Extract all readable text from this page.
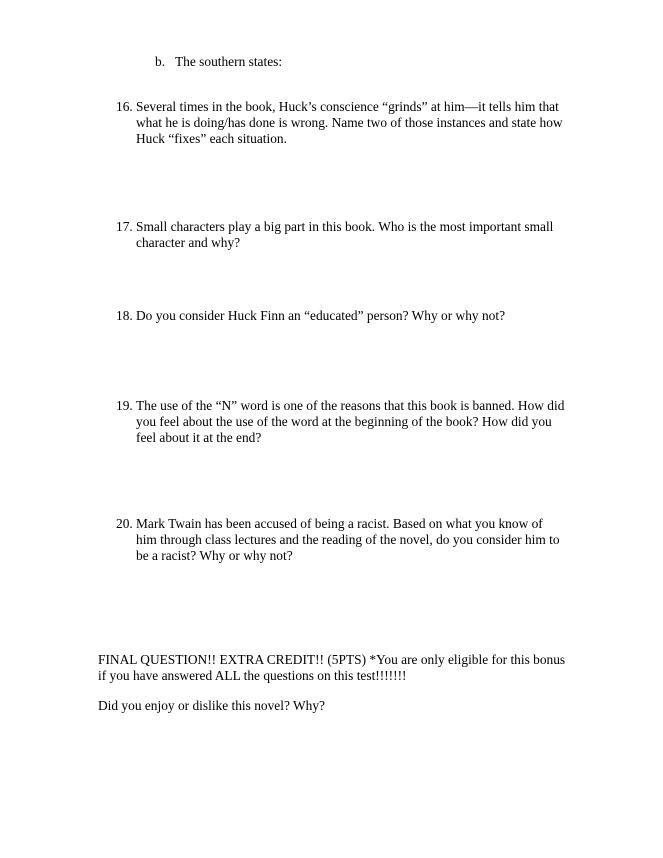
b. The southern states:
16. Several times in the book, Huck’s conscience “grinds” at him—it tells him that what he is doing/has done is wrong. Name two of those instances and state how Huck “fixes” each situation.
17. Small characters play a big part in this book. Who is the most important small character and why?
18. Do you consider Huck Finn an “educated” person? Why or why not?
19. The use of the “N” word is one of the reasons that this book is banned. How did you feel about the use of the word at the beginning of the book? How did you feel about it at the end?
20. Mark Twain has been accused of being a racist. Based on what you know of him through class lectures and the reading of the novel, do you consider him to be a racist? Why or why not?
FINAL QUESTION!! EXTRA CREDIT!! (5PTS) *You are only eligible for this bonus if you have answered ALL the questions on this test!!!!!!!
Did you enjoy or dislike this novel? Why?
